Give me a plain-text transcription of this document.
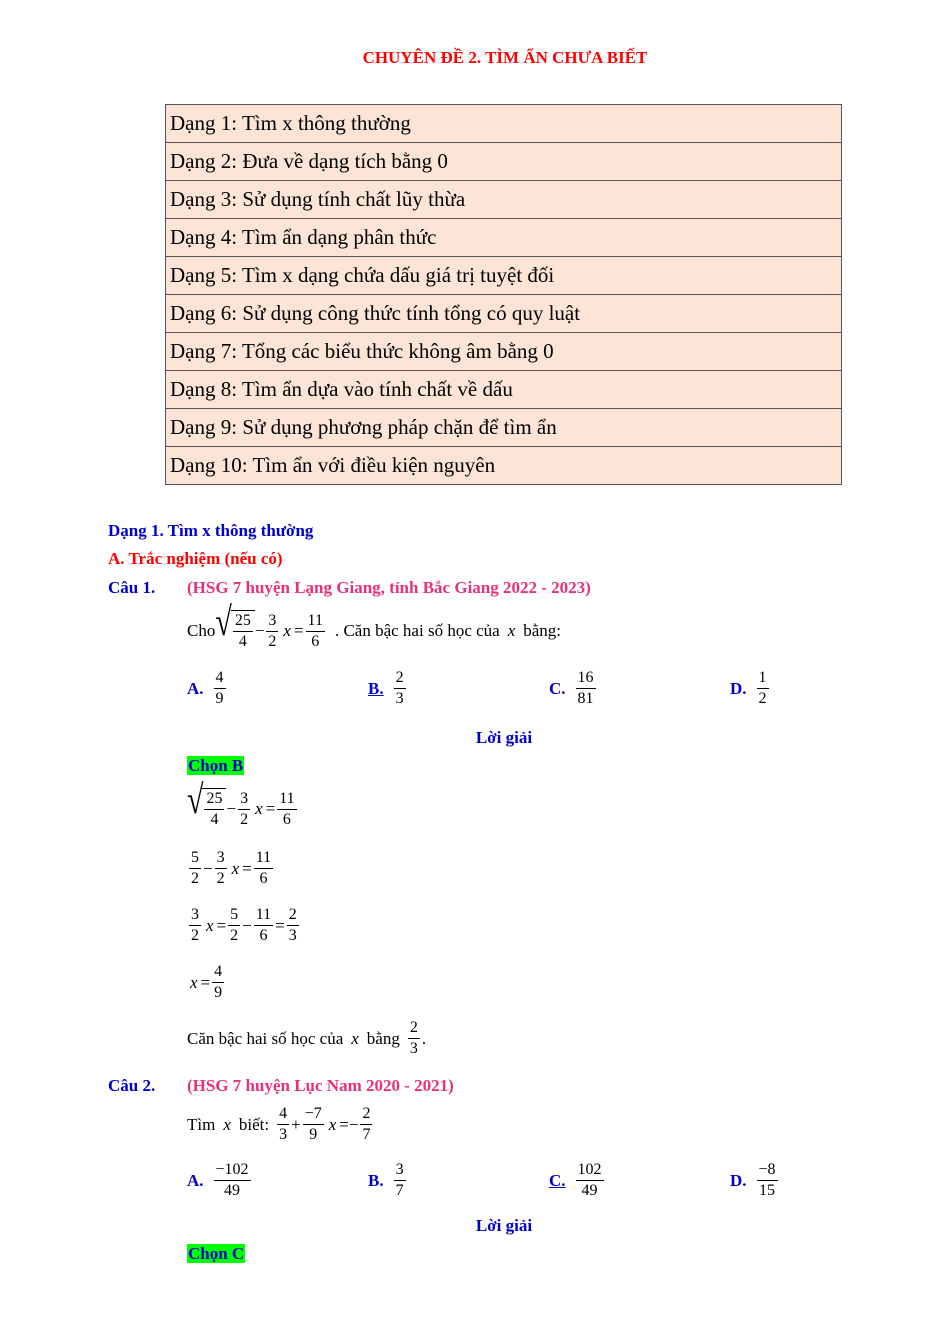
CHUYÊN ĐỀ 2. TÌM ẨN CHƯA BIẾT
Dạng 1: Tìm x thông thường
Dạng 2: Đưa về dạng tích bằng 0
Dạng 3: Sử dụng tính chất lũy thừa
Dạng 4: Tìm ẩn dạng phân thức
Dạng 5: Tìm x dạng chứa dấu giá trị tuyệt đối
Dạng 6: Sử dụng công thức tính tổng có quy luật
Dạng 7: Tổng các biểu thức không âm bằng 0
Dạng 8: Tìm ẩn dựa vào tính chất về dấu
Dạng 9: Sử dụng phương pháp chặn để tìm ẩn
Dạng 10: Tìm ẩn với điều kiện nguyên
Dạng 1. Tìm x thông thường
A. Trắc nghiệm (nếu có)
Câu 1. (HSG 7 huyện Lạng Giang, tỉnh Bắc Giang 2022 - 2023)
Cho √ $\frac{25}{4} - \frac{3}{2}$ $x = \frac{11}{6}$ . Căn bậc hai số học của x bằng:
A. $\frac{4}{9}$	B. $\frac{2}{3}$	C. $\frac{16}{81}$	D. $\frac{1}{2}$
Lời giải
Chọn B
√ $\frac{25}{4} - \frac{3}{2}$ $x = \frac{11}{6}$
$\frac{5}{2} - \frac{3}{2}$ $x = \frac{11}{6}$
$\frac{3}{2}$ $x = \frac{5}{2} - \frac{11}{6} = \frac{2}{3}$
$x = \frac{4}{9}$
Căn bậc hai số học của x bằng $\frac{2}{3}$ .
Câu 2. (HSG 7 huyện Lục Nam 2020 - 2021)
Tìm x biết: $\frac{4}{3} + \frac{-7}{9}$ x = − $\frac{2}{7}$
A. $\frac{-102}{49}$	B. $\frac{3}{7}$	C. $\frac{102}{49}$	D. $\frac{-8}{15}$
Lời giải
Chọn C
